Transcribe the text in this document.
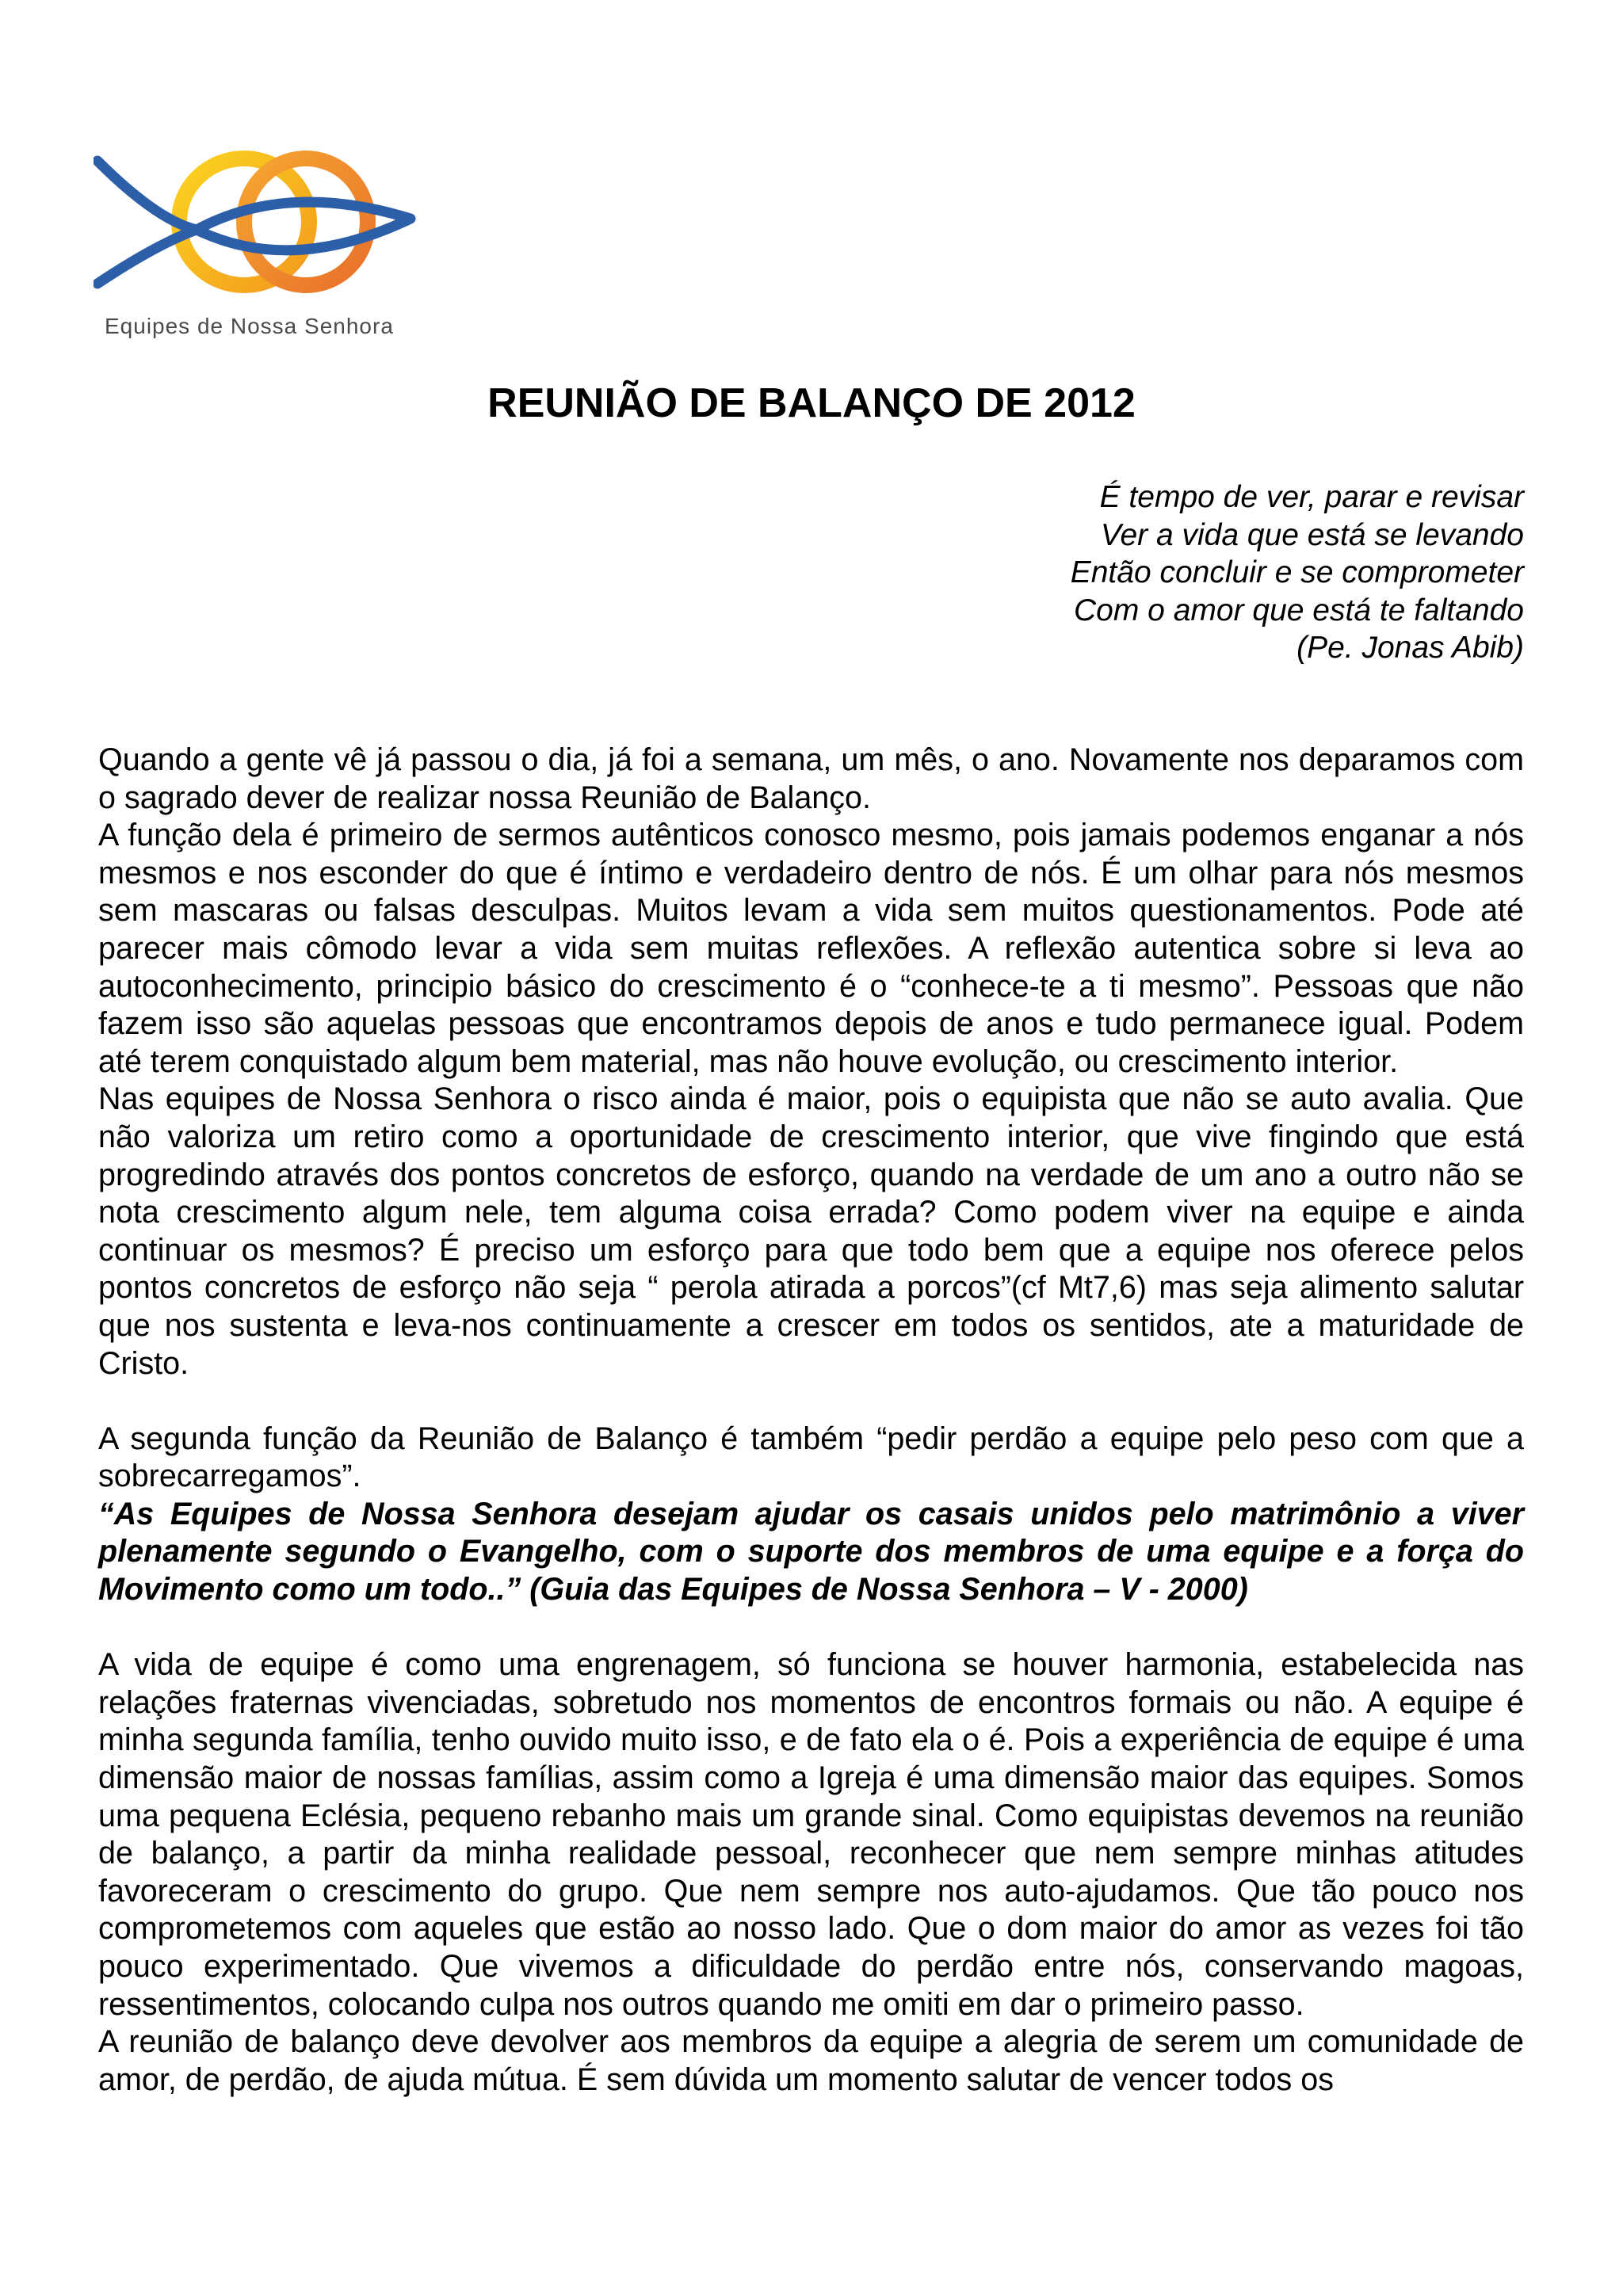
Equipes de Nossa Senhora
REUNIÃO DE BALANÇO DE 2012
É tempo de ver, parar e revisar
Ver a vida que está se levando
Então concluir e se comprometer
Com o amor que está te faltando
(Pe. Jonas Abib)

Quando a gente vê já passou o dia, já foi a semana, um mês, o ano. Novamente nos deparamos com o sagrado dever de realizar nossa Reunião de Balanço.

A função dela é primeiro de sermos autênticos conosco mesmo, pois jamais podemos enganar a nós mesmos e nos esconder do que é íntimo e verdadeiro dentro de nós. É um olhar para nós mesmos sem mascaras ou falsas desculpas. Muitos levam a vida sem muitos questionamentos. Pode até parecer mais cômodo levar a vida sem muitas reflexões. A reflexão autentica sobre si leva ao autoconhecimento, principio básico do crescimento é o “conhece-te a ti mesmo”. Pessoas que não fazem isso são aquelas pessoas que encontramos depois de anos e tudo permanece igual. Podem até terem conquistado algum bem material, mas não houve evolução, ou crescimento interior.

Nas equipes de Nossa Senhora o risco ainda é maior, pois o equipista que não se auto avalia. Que não valoriza um retiro como a oportunidade de crescimento interior, que vive fingindo que está progredindo através dos pontos concretos de esforço, quando na verdade de um ano a outro não se nota crescimento algum nele, tem alguma coisa errada? Como podem viver na equipe e ainda continuar os mesmos? É preciso um esforço para que todo bem que a equipe nos oferece pelos pontos concretos de esforço não seja “ perola atirada a porcos”(cf Mt7,6) mas seja alimento salutar que nos sustenta e leva-nos continuamente a crescer em todos os sentidos, ate a maturidade de Cristo.

A segunda função da Reunião de Balanço é também “pedir perdão a equipe pelo peso com que a sobrecarregamos”.

“As Equipes de Nossa Senhora desejam ajudar os casais unidos pelo matrimônio a viver plenamente segundo o Evangelho, com o suporte dos membros de uma equipe e a força do Movimento como um todo..” (Guia das Equipes de Nossa Senhora – V - 2000)

A vida de equipe é como uma engrenagem, só funciona se houver harmonia, estabelecida nas relações fraternas vivenciadas, sobretudo nos momentos de encontros formais ou não. A equipe é minha segunda família, tenho ouvido muito isso, e de fato ela o é. Pois a experiência de equipe é uma dimensão maior de nossas famílias, assim como a Igreja é uma dimensão maior das equipes. Somos uma pequena Eclésia, pequeno rebanho mais um grande sinal. Como equipistas devemos na reunião de balanço, a partir da minha realidade pessoal, reconhecer que nem sempre minhas atitudes favoreceram o crescimento do grupo. Que nem sempre nos auto-ajudamos. Que tão pouco nos comprometemos com aqueles que estão ao nosso lado. Que o dom maior do amor as vezes foi tão pouco experimentado. Que vivemos a dificuldade do perdão entre nós, conservando magoas, ressentimentos, colocando culpa nos outros quando me omiti em dar o primeiro passo.

A reunião de balanço deve devolver aos membros da equipe a alegria de serem um comunidade de amor, de perdão, de ajuda mútua. É sem dúvida um momento salutar de vencer todos os
